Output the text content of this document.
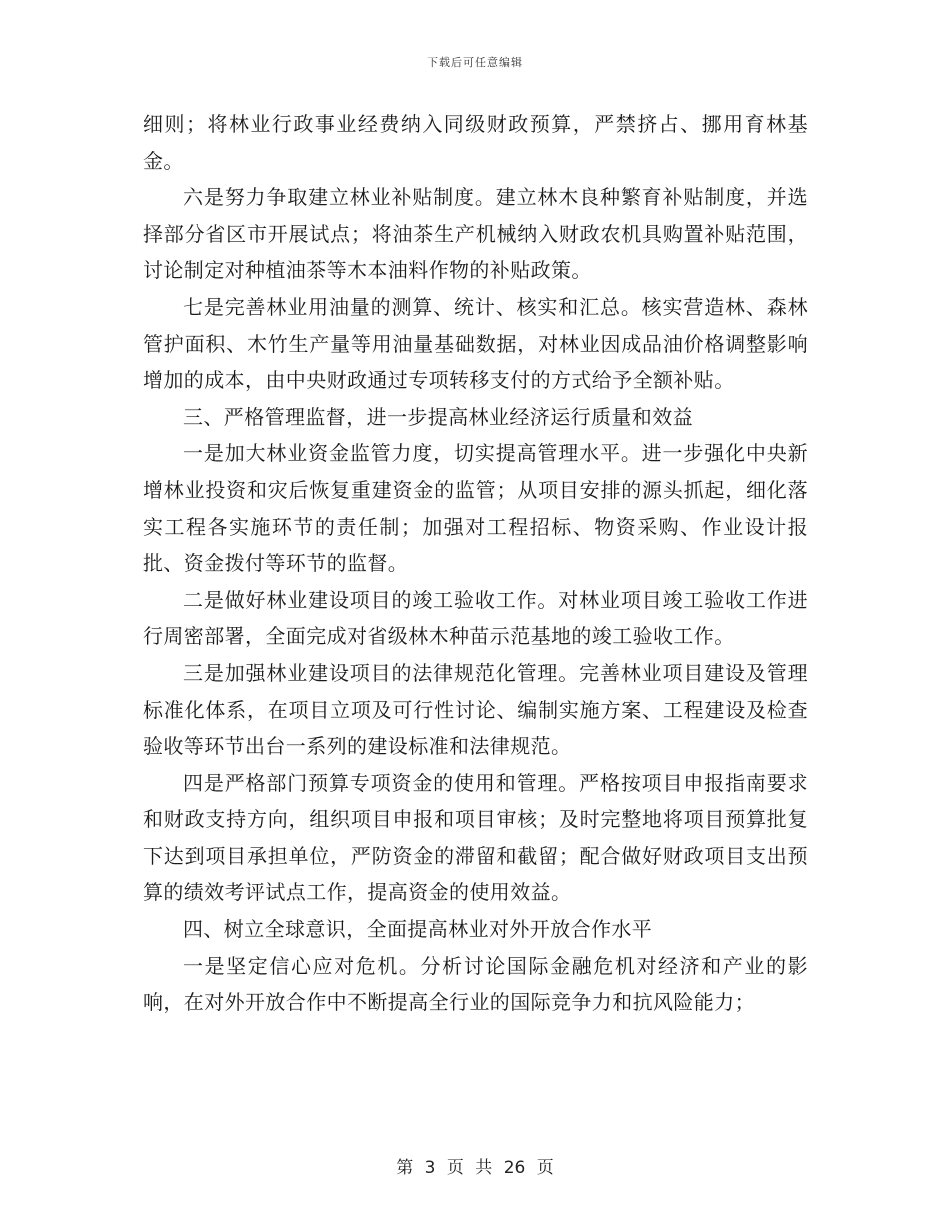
下载后可任意编辑

细则；将林业行政事业经费纳入同级财政预算，严禁挤占、挪用育林基金。

六是努力争取建立林业补贴制度。建立林木良种繁育补贴制度，并选择部分省区市开展试点；将油茶生产机械纳入财政农机具购置补贴范围，讨论制定对种植油茶等木本油料作物的补贴政策。

七是完善林业用油量的测算、统计、核实和汇总。核实营造林、森林管护面积、木竹生产量等用油量基础数据，对林业因成品油价格调整影响增加的成本，由中央财政通过专项转移支付的方式给予全额补贴。

三、严格管理监督，进一步提高林业经济运行质量和效益

一是加大林业资金监管力度，切实提高管理水平。进一步强化中央新增林业投资和灾后恢复重建资金的监管；从项目安排的源头抓起，细化落实工程各实施环节的责任制；加强对工程招标、物资采购、作业设计报批、资金拨付等环节的监督。

二是做好林业建设项目的竣工验收工作。对林业项目竣工验收工作进行周密部署，全面完成对省级林木种苗示范基地的竣工验收工作。

三是加强林业建设项目的法律规范化管理。完善林业项目建设及管理标准化体系，在项目立项及可行性讨论、编制实施方案、工程建设及检查验收等环节出台一系列的建设标准和法律规范。

四是严格部门预算专项资金的使用和管理。严格按项目申报指南要求和财政支持方向，组织项目申报和项目审核；及时完整地将项目预算批复下达到项目承担单位，严防资金的滞留和截留；配合做好财政项目支出预算的绩效考评试点工作，提高资金的使用效益。

四、树立全球意识，全面提高林业对外开放合作水平

一是坚定信心应对危机。分析讨论国际金融危机对经济和产业的影响，在对外开放合作中不断提高全行业的国际竞争力和抗风险能力；

第 3 页 共 26 页
